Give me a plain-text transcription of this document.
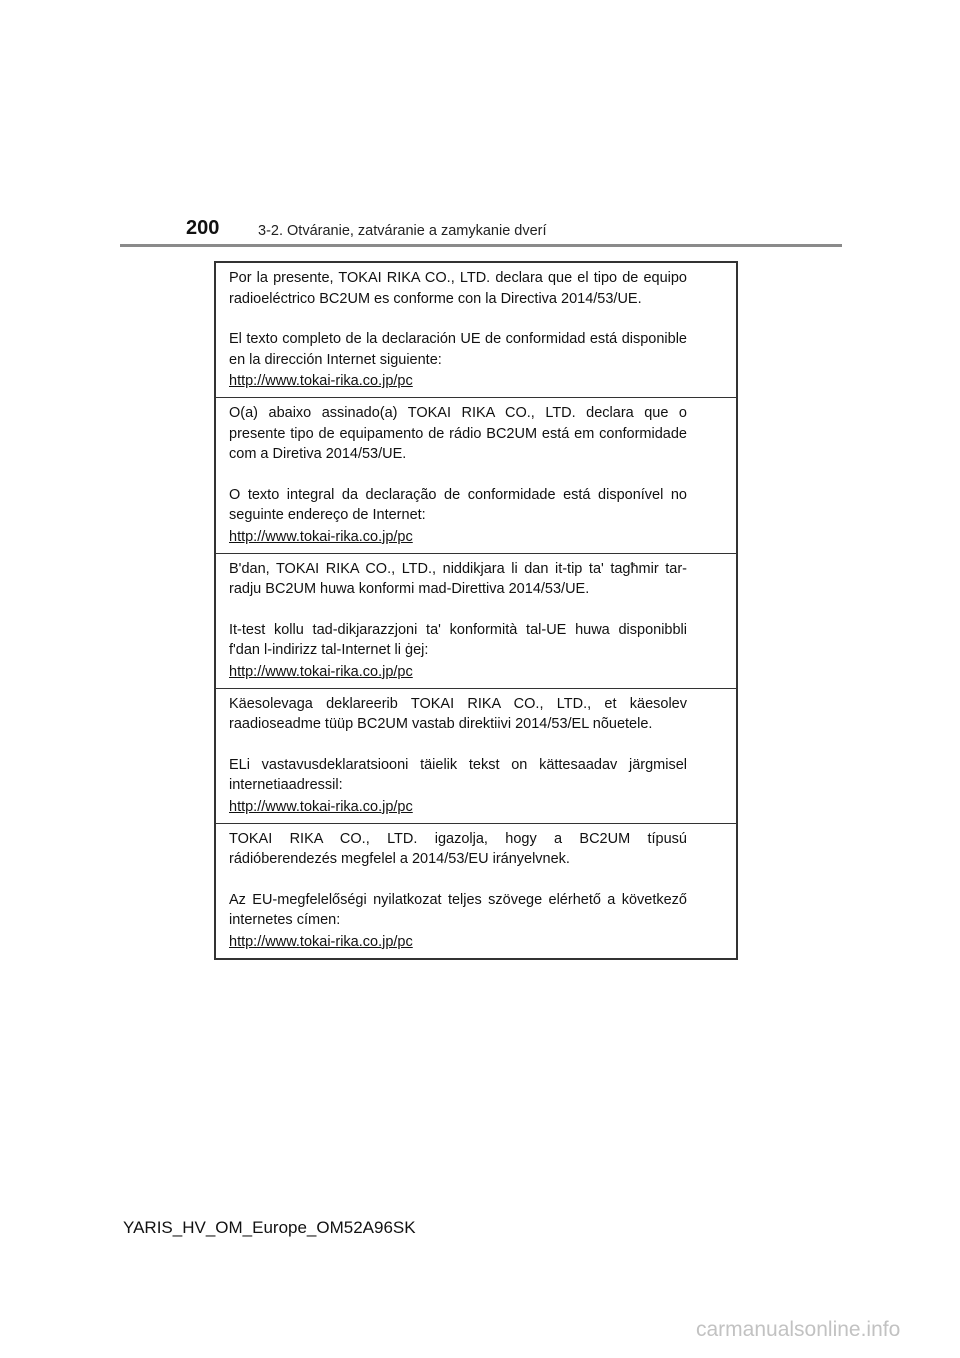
200	3-2. Otváranie, zatváranie a zamykanie dverí

Por la presente, TOKAI RIKA CO., LTD. declara que el tipo de equipo radioeléctrico BC2UM es conforme con la Directiva 2014/53/UE.

El texto completo de la declaración UE de conformidad está disponible en la dirección Internet siguiente:

http://www.tokai-rika.co.jp/pc

O(a) abaixo assinado(a) TOKAI RIKA CO., LTD. declara que o presente tipo de equipamento de rádio BC2UM está em conformidade com a Diretiva 2014/53/UE.

O texto integral da declaração de conformidade está disponível no seguinte endereço de Internet:

http://www.tokai-rika.co.jp/pc

B'dan, TOKAI RIKA CO., LTD., niddikjara li dan it-tip ta' tagħmir tar-radju BC2UM huwa konformi mad-Direttiva 2014/53/UE.

It-test kollu tad-dikjarazzjoni ta' konformità tal-UE huwa disponibbli f'dan l-indirizz tal-Internet li ġej:

http://www.tokai-rika.co.jp/pc

Käesolevaga deklareerib TOKAI RIKA CO., LTD., et käesolev raadioseadme tüüp BC2UM vastab direktiivi 2014/53/EL nõuetele.

ELi vastavusdeklaratsiooni täielik tekst on kättesaadav järgmisel internetiaadressil:

http://www.tokai-rika.co.jp/pc

TOKAI RIKA CO., LTD. igazolja, hogy a BC2UM típusú rádióberendezés megfelel a 2014/53/EU irányelvnek.

Az EU-megfelelőségi nyilatkozat teljes szövege elérhető a következő internetes címen:

http://www.tokai-rika.co.jp/pc
YARIS_HV_OM_Europe_OM52A96SK
carmanualsonline.info
